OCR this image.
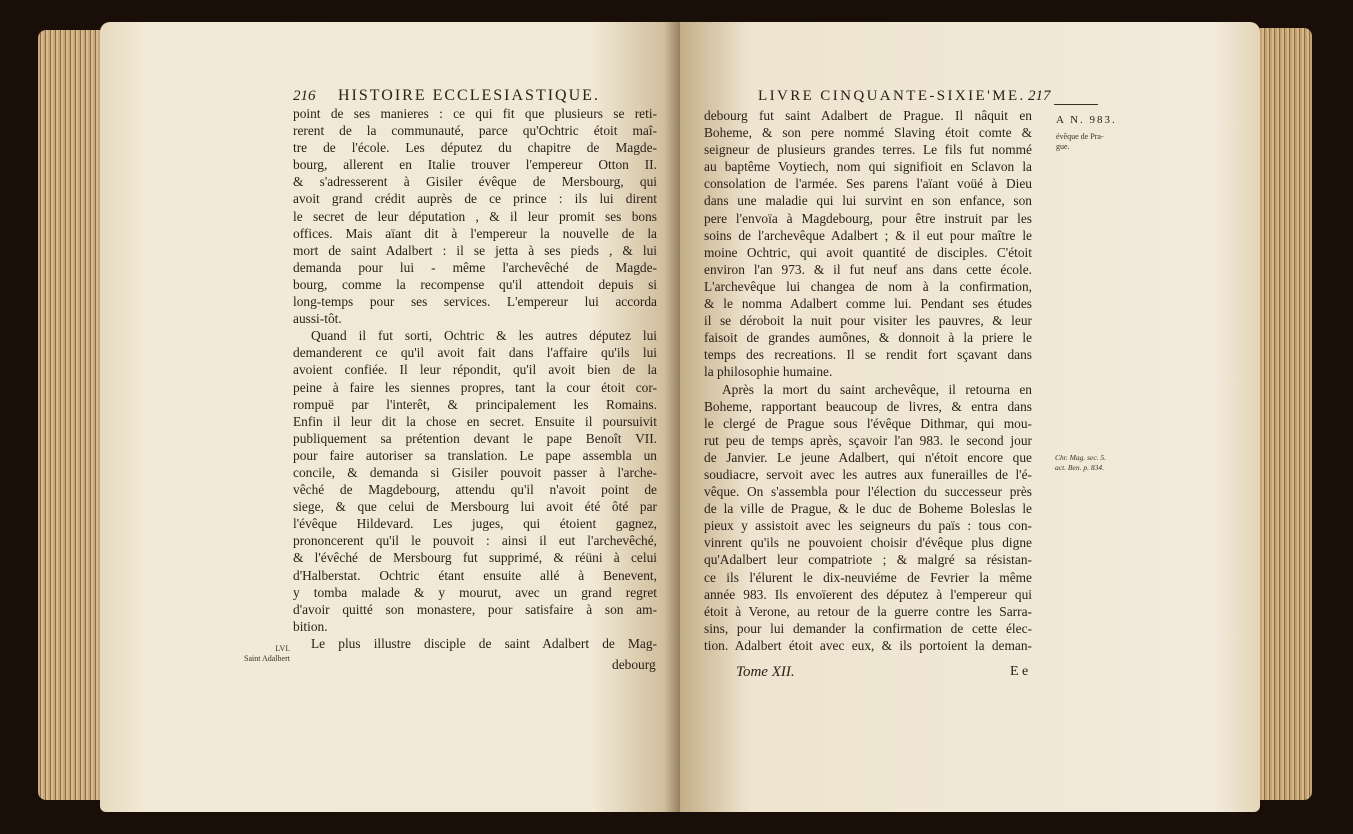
216 HISTOIRE ECCLESIASTIQUE.
LVI.
Saint Adalbert
point de ses manieres : ce qui fit que plusieurs se reti-
rerent de la communauté, parce qu'Ochtric étoit maî-
tre de l'école. Les députez du chapitre de Magde-
bourg, allerent en Italie trouver l'empereur Otton II.
& s'adresserent à Gisiler évêque de Mersbourg, qui
avoit grand crédit auprès de ce prince : ils lui dirent
le secret de leur députation , & il leur promit ses bons
offices. Mais aïant dit à l'empereur la nouvelle de la
mort de saint Adalbert : il se jetta à ses pieds , & lui
demanda pour lui - même l'archevêché de Magde-
bourg, comme la recompense qu'il attendoit depuis si
long-temps pour ses services. L'empereur lui accorda
aussi-tôt.
Quand il fut sorti, Ochtric & les autres députez lui
demanderent ce qu'il avoit fait dans l'affaire qu'ils lui
avoient confiée. Il leur répondit, qu'il avoit bien de la
peine à faire les siennes propres, tant la cour étoit cor-
rompuë par l'interêt, & principalement les Romains.
Enfin il leur dit la chose en secret. Ensuite il poursuivit
publiquement sa prétention devant le pape Benoît VII.
pour faire autoriser sa translation. Le pape assembla un
concile, & demanda si Gisiler pouvoit passer à l'arche-
vêché de Magdebourg, attendu qu'il n'avoit point de
siege, & que celui de Mersbourg lui avoit été ôté par
l'évêque Hildevard. Les juges, qui étoient gagnez,
prononcerent qu'il le pouvoit : ainsi il eut l'archevêché,
& l'évêché de Mersbourg fut supprimé, & réüni à celui
d'Halberstat. Ochtric étant ensuite allé à Benevent,
y tomba malade & y mourut, avec un grand regret
d'avoir quitté son monastere, pour satisfaire à son am-
bition.
Le plus illustre disciple de saint Adalbert de Mag-
debourg
LIVRE CINQUANTE-SIXIE'ME. 217
A N. 983.
évêque de Pra-
gue.
Chr. Mag. sec. 5.
act. Ben. p. 834.
debourg fut saint Adalbert de Prague. Il nâquit en
Boheme, & son pere nommé Slaving étoit comte &
seigneur de plusieurs grandes terres. Le fils fut nommé
au baptême Voytiech, nom qui signifioit en Sclavon la
consolation de l'armée. Ses parens l'aïant voüé à Dieu
dans une maladie qui lui survint en son enfance, son
pere l'envoïa à Magdebourg, pour être instruit par les
soins de l'archevêque Adalbert ; & il eut pour maître le
moine Ochtric, qui avoit quantité de disciples. C'étoit
environ l'an 973. & il fut neuf ans dans cette école.
L'archevêque lui changea de nom à la confirmation,
& le nomma Adalbert comme lui. Pendant ses études
il se déroboit la nuit pour visiter les pauvres, & leur
faisoit de grandes aumônes, & donnoit à la priere le
temps des recreations. Il se rendit fort sçavant dans
la philosophie humaine.
Après la mort du saint archevêque, il retourna en
Boheme, rapportant beaucoup de livres, & entra dans
le clergé de Prague sous l'évêque Dithmar, qui mou-
rut peu de temps après, sçavoir l'an 983. le second jour
de Janvier. Le jeune Adalbert, qui n'étoit encore que
soudiacre, servoit avec les autres aux funerailles de l'é-
vêque. On s'assembla pour l'élection du successeur près
de la ville de Prague, & le duc de Boheme Boleslas le
pieux y assistoit avec les seigneurs du païs : tous con-
vinrent qu'ils ne pouvoient choisir d'évêque plus digne
qu'Adalbert leur compatriote ; & malgré sa résistan-
ce ils l'élurent le dix-neuviéme de Fevrier la même
année 983. Ils envoïerent des députez à l'empereur qui
étoit à Verone, au retour de la guerre contre les Sarra-
sins, pour lui demander la confirmation de cette élec-
tion. Adalbert étoit avec eux, & ils portoient la deman-
Tome XII.	E e
